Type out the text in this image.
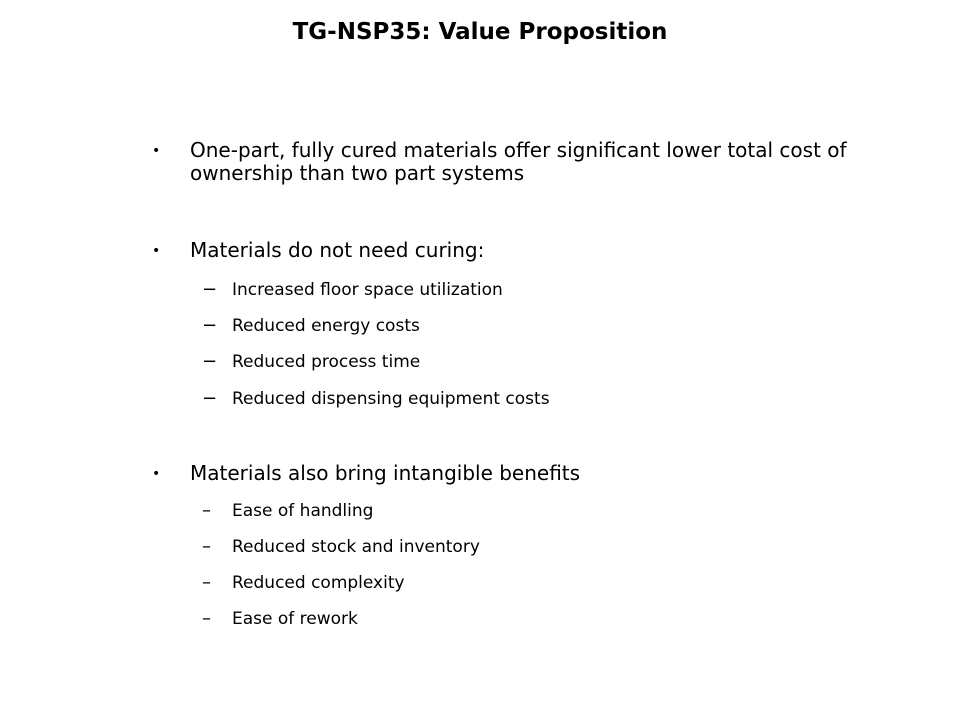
TG-NSP35: Value Proposition
• One-part, fully cured materials offer significant lower total cost of ownership than two part systems
• Materials do not need curing:
− Increased floor space utilization
− Reduced energy costs
− Reduced process time
− Reduced dispensing equipment costs
• Materials also bring intangible benefits
– Ease of handling
– Reduced stock and inventory
– Reduced complexity
– Ease of rework
